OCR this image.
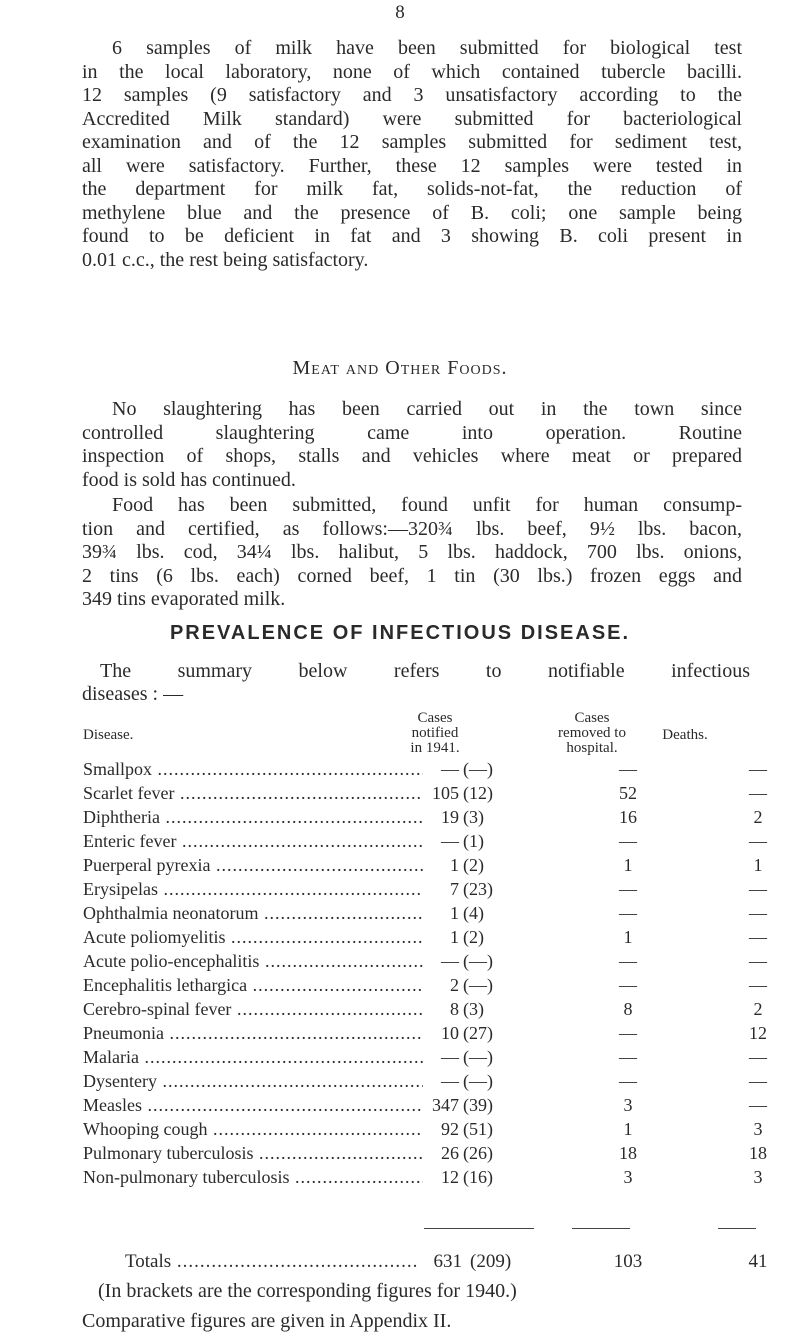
8
6 samples of milk have been submitted for biological test
in the local laboratory, none of which contained tubercle bacilli.
12 samples (9 satisfactory and 3 unsatisfactory according to the
Accredited Milk standard) were submitted for bacteriological
examination and of the 12 samples submitted for sediment test,
all were satisfactory. Further, these 12 samples were tested in
the department for milk fat, solids-not-fat, the reduction of
methylene blue and the presence of B. coli; one sample being
found to be deficient in fat and 3 showing B. coli present in
0.01 c.c., the rest being satisfactory.
Meat and Other Foods.
No slaughtering has been carried out in the town since
controlled slaughtering came into operation. Routine
inspection of shops, stalls and vehicles where meat or prepared
food is sold has continued.
Food has been submitted, found unfit for human consump-
tion and certified, as follows:—320¾ lbs. beef, 9½ lbs. bacon,
39¾ lbs. cod, 34¼ lbs. halibut, 5 lbs. haddock, 700 lbs. onions,
2 tins (6 lbs. each) corned beef, 1 tin (30 lbs.) frozen eggs and
349 tins evaporated milk.
PREVALENCE OF INFECTIOUS DISEASE.
The summary below refers to notifiable infectious
diseases : —
Disease.
Cases
notified
in 1941.
Cases
removed to
hospital.
Deaths.
Smallpox .....	— (—)	—	—
Scarlet fever .....	105 (12)	52	—
Diphtheria .....	19 (3)	16	2
Enteric fever .....	— (1)	—	—
Puerperal pyrexia .....	1 (2)	1	1
Erysipelas .....	7 (23)	—	—
Ophthalmia neonatorum .....	1 (4)	—	—
Acute poliomyelitis .....	1 (2)	1	—
Acute polio-encephalitis .....	— (—)	—	—
Encephalitis lethargica .....	2 (—)	—	—
Cerebro-spinal fever .....	8 (3)	8	2
Pneumonia .....	10 (27)	—	12
Malaria .....	— (—)	—	—
Dysentery .....	— (—)	—	—
Measles .....	347 (39)	3	—
Whooping cough .....	92 (51)	1	3
Pulmonary tuberculosis .....	26 (26)	18	18
Non-pulmonary tuberculosis .....	12 (16)	3	3
Totals .....	631 (209)	103	41
(In brackets are the corresponding figures for 1940.)
Comparative figures are given in Appendix II.
